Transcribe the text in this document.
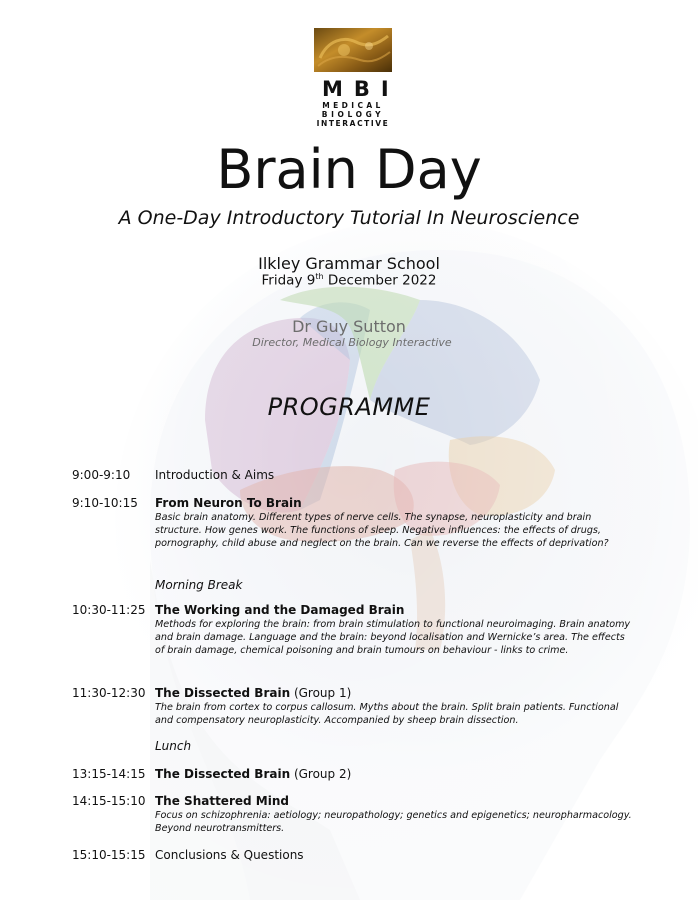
MBI
MEDICAL
BIOLOGY
INTERACTIVE
Brain Day
A One-Day Introductory Tutorial In Neuroscience
Ilkley Grammar School
Friday 9th December 2022
Dr Guy Sutton
Director, Medical Biology Interactive
PROGRAMME
9:00-9:10 Introduction & Aims
9:10-10:15 From Neuron To Brain
Basic brain anatomy. Different types of nerve cells. The synapse, neuroplasticity and brain structure. How genes work. The functions of sleep. Negative influences: the effects of drugs, pornography, child abuse and neglect on the brain. Can we reverse the effects of deprivation?
Morning Break
10:30-11:25 The Working and the Damaged Brain
Methods for exploring the brain: from brain stimulation to functional neuroimaging. Brain anatomy and brain damage. Language and the brain: beyond localisation and Wernicke’s area. The effects of brain damage, chemical poisoning and brain tumours on behaviour - links to crime.
11:30-12:30 The Dissected Brain (Group 1)
The brain from cortex to corpus callosum. Myths about the brain. Split brain patients. Functional and compensatory neuroplasticity. Accompanied by sheep brain dissection.
Lunch
13:15-14:15 The Dissected Brain (Group 2)
14:15-15:10 The Shattered Mind
Focus on schizophrenia: aetiology; neuropathology; genetics and epigenetics; neuropharmacology. Beyond neurotransmitters.
15:10-15:15 Conclusions & Questions
